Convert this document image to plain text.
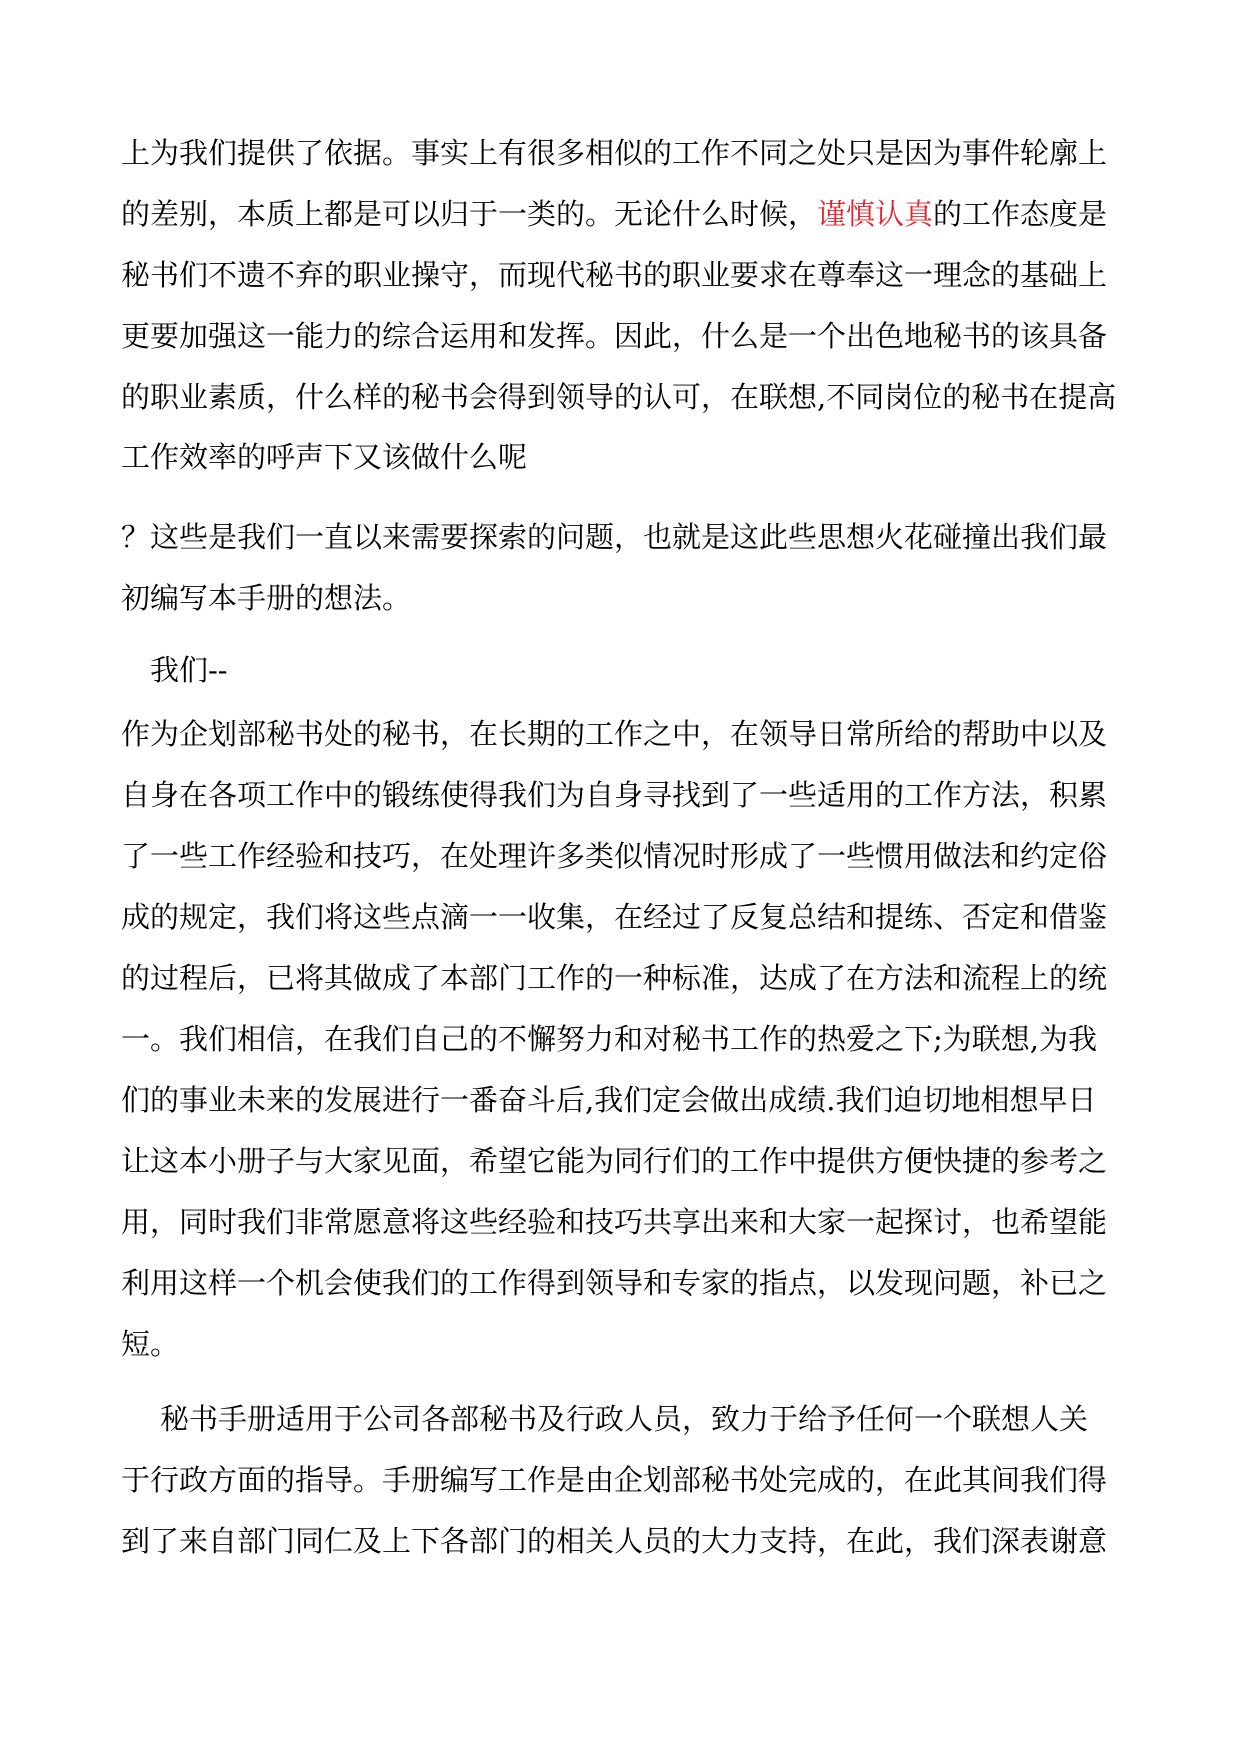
上为我们提供了依据。事实上有很多相似的工作不同之处只是因为事件轮廓上
的差别，本质上都是可以归于一类的。无论什么时候，谨慎认真的工作态度是
秘书们不遗不弃的职业操守，而现代秘书的职业要求在尊奉这一理念的基础上
更要加强这一能力的综合运用和发挥。因此，什么是一个出色地秘书的该具备
的职业素质，什么样的秘书会得到领导的认可，在联想,不同岗位的秘书在提高
工作效率的呼声下又该做什么呢
？这些是我们一直以来需要探索的问题，也就是这此些思想火花碰撞出我们最
初编写本手册的想法。
我们--
作为企划部秘书处的秘书，在长期的工作之中，在领导日常所给的帮助中以及
自身在各项工作中的锻练使得我们为自身寻找到了一些适用的工作方法，积累
了一些工作经验和技巧，在处理许多类似情况时形成了一些惯用做法和约定俗
成的规定，我们将这些点滴一一收集，在经过了反复总结和提练、否定和借鉴
的过程后，已将其做成了本部门工作的一种标准，达成了在方法和流程上的统
一。我们相信，在我们自己的不懈努力和对秘书工作的热爱之下;为联想,为我
们的事业未来的发展进行一番奋斗后,我们定会做出成绩.我们迫切地相想早日
让这本小册子与大家见面，希望它能为同行们的工作中提供方便快捷的参考之
用，同时我们非常愿意将这些经验和技巧共享出来和大家一起探讨，也希望能
利用这样一个机会使我们的工作得到领导和专家的指点，以发现问题，补已之
短。
秘书手册适用于公司各部秘书及行政人员，致力于给予任何一个联想人关
于行政方面的指导。手册编写工作是由企划部秘书处完成的，在此其间我们得
到了来自部门同仁及上下各部门的相关人员的大力支持，在此，我们深表谢意
